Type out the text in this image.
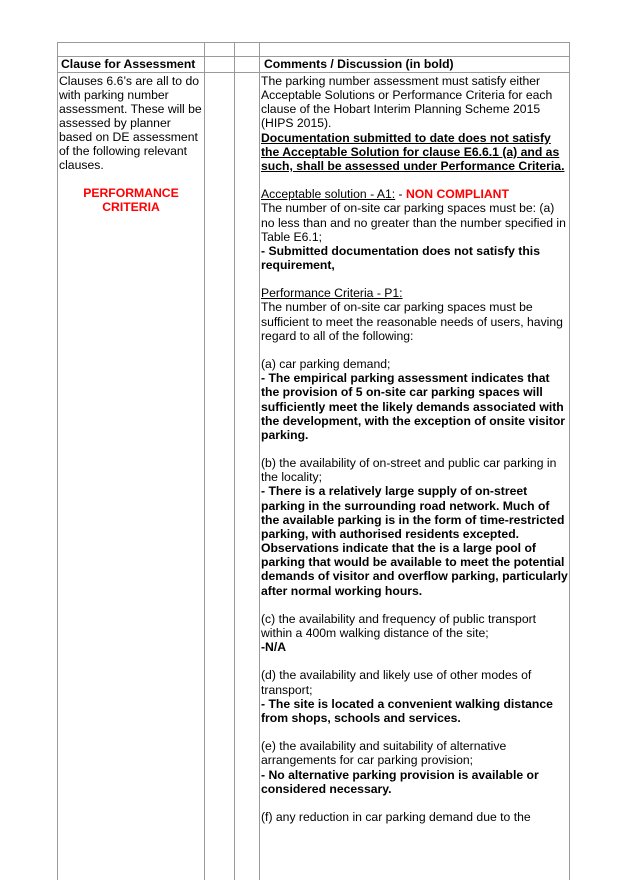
Clause for Assessment	Comments / Discussion (in bold)

Clauses 6.6’s are all to do with parking number assessment. These will be assessed by planner based on DE assessment of the following relevant clauses.

PERFORMANCE CRITERIA

The parking number assessment must satisfy either Acceptable Solutions or Performance Criteria for each clause of the Hobart Interim Planning Scheme 2015 (HIPS 2015).

Documentation submitted to date does not satisfy the Acceptable Solution for clause E6.6.1 (a) and as such, shall be assessed under Performance Criteria.

Acceptable solution - A1: - NON COMPLIANT

The number of on-site car parking spaces must be: (a) no less than and no greater than the number specified in Table E6.1;

- Submitted documentation does not satisfy this requirement,

Performance Criteria - P1:

The number of on-site car parking spaces must be sufficient to meet the reasonable needs of users, having regard to all of the following:

(a) car parking demand;

- The empirical parking assessment indicates that the provision of 5 on-site car parking spaces will sufficiently meet the likely demands associated with the development, with the exception of onsite visitor parking.

(b) the availability of on-street and public car parking in the locality;

- There is a relatively large supply of on-street parking in the surrounding road network. Much of the available parking is in the form of time-restricted parking, with authorised residents excepted. Observations indicate that the is a large pool of parking that would be available to meet the potential demands of visitor and overflow parking, particularly after normal working hours.

(c) the availability and frequency of public transport within a 400m walking distance of the site;

-N/A

(d) the availability and likely use of other modes of transport;

- The site is located a convenient walking distance from shops, schools and services.

(e) the availability and suitability of alternative arrangements for car parking provision;

- No alternative parking provision is available or considered necessary.

(f) any reduction in car parking demand due to the
